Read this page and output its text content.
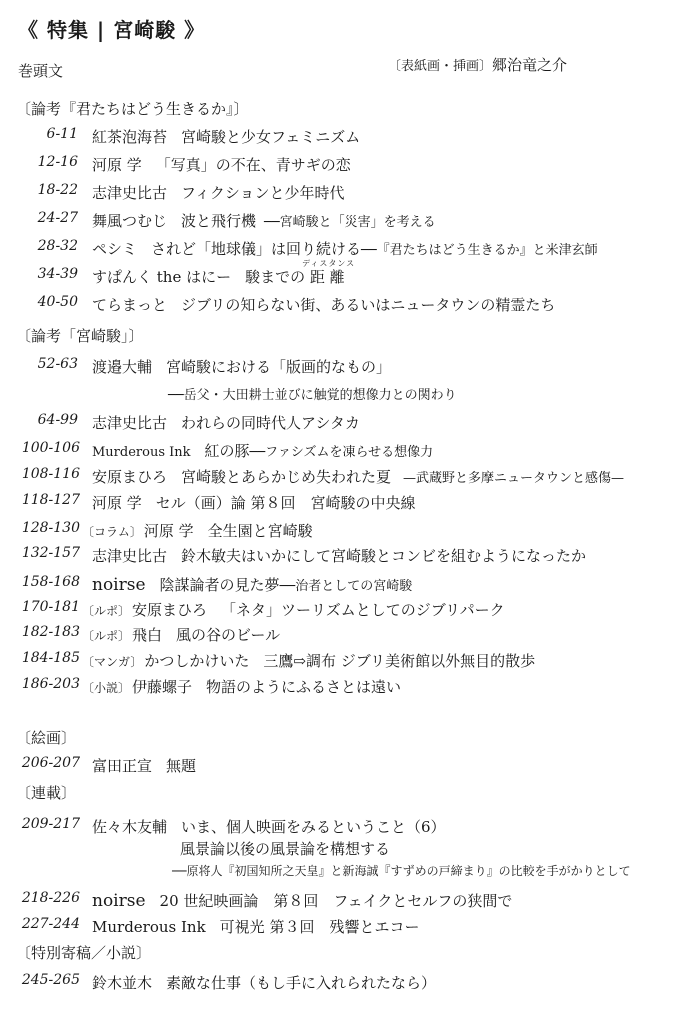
《 特集 | 宮崎駿 》
巻頭文	〔表紙画・挿画〕郷治竜之介
〔論考『君たちはどう生きるか』〕
6-11 紅茶泡海苔 宮崎駿と少女フェミニズム
12-16 河原 学 「写真」の不在、青サギの恋
18-22 志津史比古 フィクションと少年時代
24-27 舞風つむじ 波と飛行機 ──宮崎駿と「災害」を考える
28-32 ペシミ されど「地球儀」は回り続ける──『君たちはどう生きるか』と米津玄師
ディスタンス
34-39 すぱんく the はにー 駿までの 距 離
40-50 てらまっと ジブリの知らない街、あるいはニュータウンの精霊たち
〔論考「宮崎駿」〕
52-63 渡邉大輔 宮崎駿における「版画的なもの」
──岳父・大田耕士並びに触覚的想像力との関わり
64-99 志津史比古 われらの同時代人アシタカ
100-106 Murderous Ink 紅の豚──ファシズムを凍らせる想像力
108-116 安原まひろ 宮崎駿とあらかじめ失われた夏 —武蔵野と多摩ニュータウンと感傷—
118-127 河原 学 セル（画）論 第８回　宮崎駿の中央線
128-130 〔コラム〕 河原 学 全生園と宮崎駿
132-157 志津史比古 鈴木敏夫はいかにして宮崎駿とコンビを組むようになったか
158-168 noirse 陰謀論者の見た夢──治者としての宮崎駿
170-181 〔ルポ〕 安原まひろ 「ネタ」ツーリズムとしてのジブリパーク
182-183 〔ルポ〕 飛白 風の谷のビール
184-185 〔マンガ〕 かつしかけいた 三鷹⇨調布 ジブリ美術館以外無目的散歩
186-203 〔小説〕 伊藤螺子 物語のようにふるさとは遠い
〔絵画〕
206-207 富田正宣 無題
〔連載〕
209-217 佐々木友輔 いま、個人映画をみるということ（6）
風景論以後の風景論を構想する
──原将人『初国知所之天皇』と新海誠『すずめの戸締まり』の比較を手がかりとして
218-226 noirse 20 世紀映画論　第８回　フェイクとセルフの狭間で
227-244 Murderous Ink 可視光 第３回　残響とエコー
〔特別寄稿／小説〕
245-265 鈴木並木 素敵な仕事（もし手に入れられたなら）
